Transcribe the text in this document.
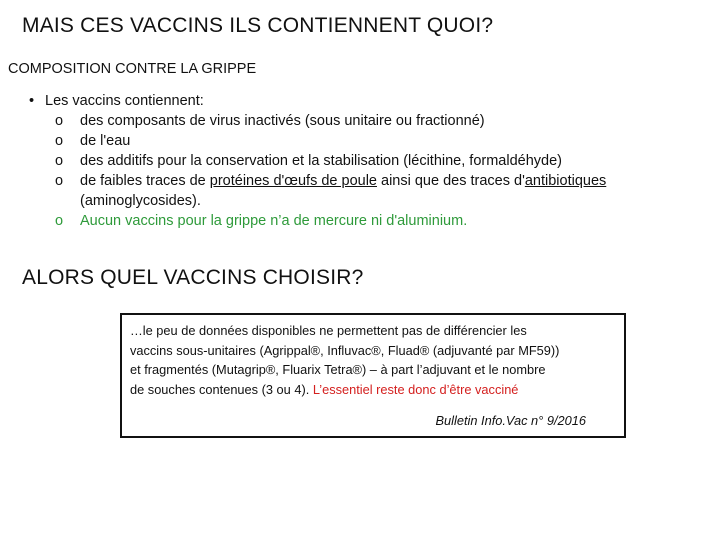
MAIS CES VACCINS ILS CONTIENNENT QUOI?
COMPOSITION CONTRE LA GRIPPE
• Les vaccins contiennent:
o des composants de virus inactivés (sous unitaire ou fractionné)
o de l'eau
o des additifs pour la conservation et la stabilisation (lécithine, formaldéhyde)
o de faibles traces de protéines d'œufs de poule ainsi que des traces d'antibiotiques
(aminoglycosides).
o Aucun vaccins pour la grippe n’a de mercure ni d'aluminium.
ALORS QUEL VACCINS CHOISIR?
…le peu de données disponibles ne permettent pas de différencier les
vaccins sous-unitaires (Agrippal®, Influvac®, Fluad® (adjuvanté par MF59))
et fragmentés (Mutagrip®, Fluarix Tetra®) – à part l’adjuvant et le nombre
de souches contenues (3 ou 4). L’essentiel reste donc d’être vacciné
Bulletin Info.Vac n° 9/2016
